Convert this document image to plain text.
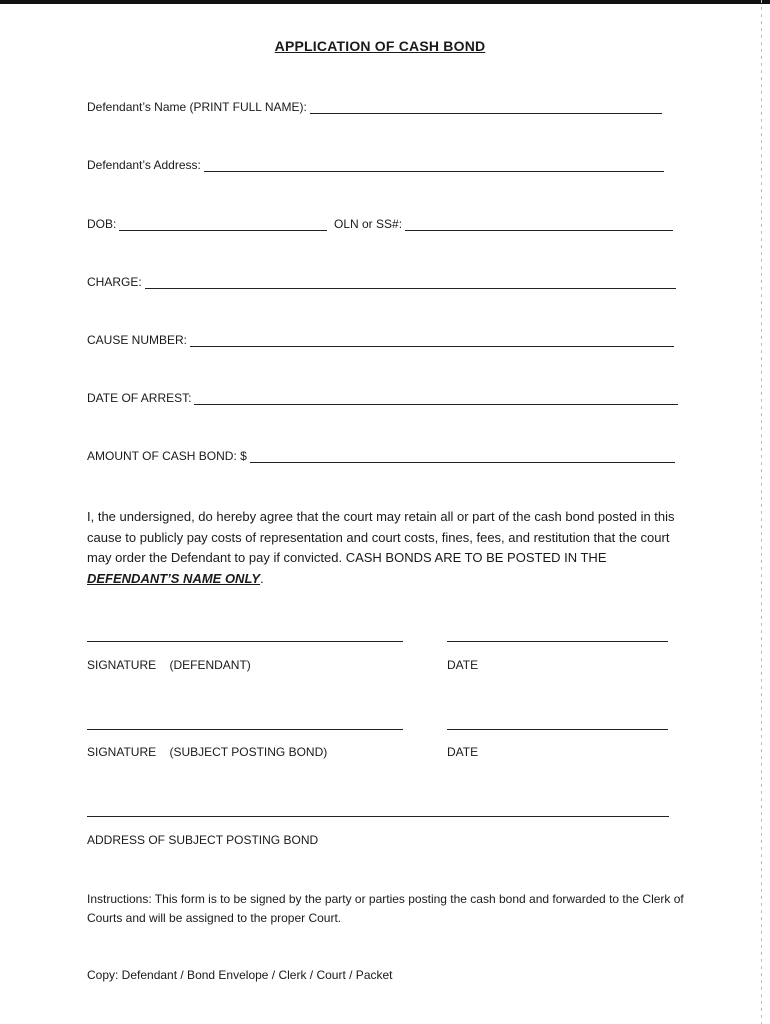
APPLICATION OF CASH BOND
Defendant’s Name (PRINT FULL NAME):
Defendant’s Address:
DOB:	OLN or SS#:
CHARGE:
CAUSE NUMBER:
DATE OF ARREST:
AMOUNT OF CASH BOND: $
I, the undersigned, do hereby agree that the court may retain all or part of the cash bond posted in this cause to publicly pay costs of representation and court costs, fines, fees, and restitution that the court may order the Defendant to pay if convicted. CASH BONDS ARE TO BE POSTED IN THE DEFENDANT’S NAME ONLY.
SIGNATURE    (DEFENDANT)	DATE
SIGNATURE    (SUBJECT POSTING BOND)	DATE
ADDRESS OF SUBJECT POSTING BOND
Instructions: This form is to be signed by the party or parties posting the cash bond and forwarded to the Clerk of Courts and will be assigned to the proper Court.
Copy: Defendant / Bond Envelope / Clerk / Court / Packet
